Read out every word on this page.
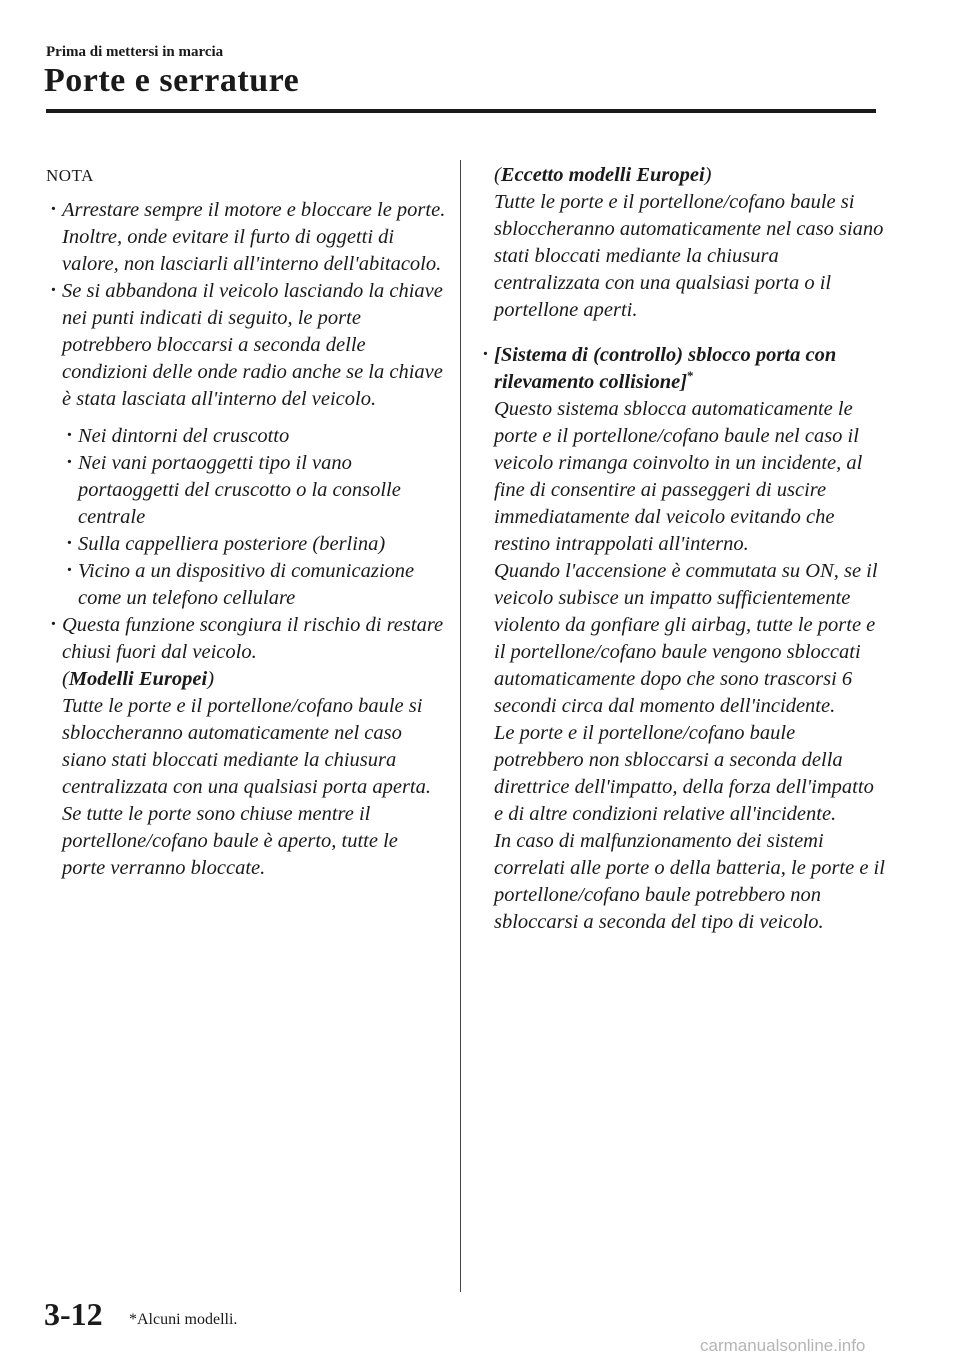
Prima di mettersi in marcia
Porte e serrature
NOTA
· Arrestare sempre il motore e bloccare le porte. Inoltre, onde evitare il furto di oggetti di valore, non lasciarli all'interno dell'abitacolo.
· Se si abbandona il veicolo lasciando la chiave nei punti indicati di seguito, le porte potrebbero bloccarsi a seconda delle condizioni delle onde radio anche se la chiave è stata lasciata all'interno del veicolo.
· Nei dintorni del cruscotto
· Nei vani portaoggetti tipo il vano portaoggetti del cruscotto o la consolle centrale
· Sulla cappelliera posteriore (berlina)
· Vicino a un dispositivo di comunicazione come un telefono cellulare
· Questa funzione scongiura il rischio di restare chiusi fuori dal veicolo.
(Modelli Europei)
Tutte le porte e il portellone/cofano baule si sbloccheranno automaticamente nel caso siano stati bloccati mediante la chiusura centralizzata con una qualsiasi porta aperta.
Se tutte le porte sono chiuse mentre il portellone/cofano baule è aperto, tutte le porte verranno bloccate.
(Eccetto modelli Europei)
Tutte le porte e il portellone/cofano baule si sbloccheranno automaticamente nel caso siano stati bloccati mediante la chiusura centralizzata con una qualsiasi porta o il portellone aperti.
· [Sistema di (controllo) sblocco porta con rilevamento collisione]*
Questo sistema sblocca automaticamente le porte e il portellone/cofano baule nel caso il veicolo rimanga coinvolto in un incidente, al fine di consentire ai passeggeri di uscire immediatamente dal veicolo evitando che restino intrappolati all'interno.
Quando l'accensione è commutata su ON, se il veicolo subisce un impatto sufficientemente violento da gonfiare gli airbag, tutte le porte e il portellone/cofano baule vengono sbloccati automaticamente dopo che sono trascorsi 6 secondi circa dal momento dell'incidente.
Le porte e il portellone/cofano baule potrebbero non sbloccarsi a seconda della direttrice dell'impatto, della forza dell'impatto e di altre condizioni relative all'incidente.
In caso di malfunzionamento dei sistemi correlati alle porte o della batteria, le porte e il portellone/cofano baule potrebbero non sbloccarsi a seconda del tipo di veicolo.
3-12 *Alcuni modelli.
carmanualsonline.info
